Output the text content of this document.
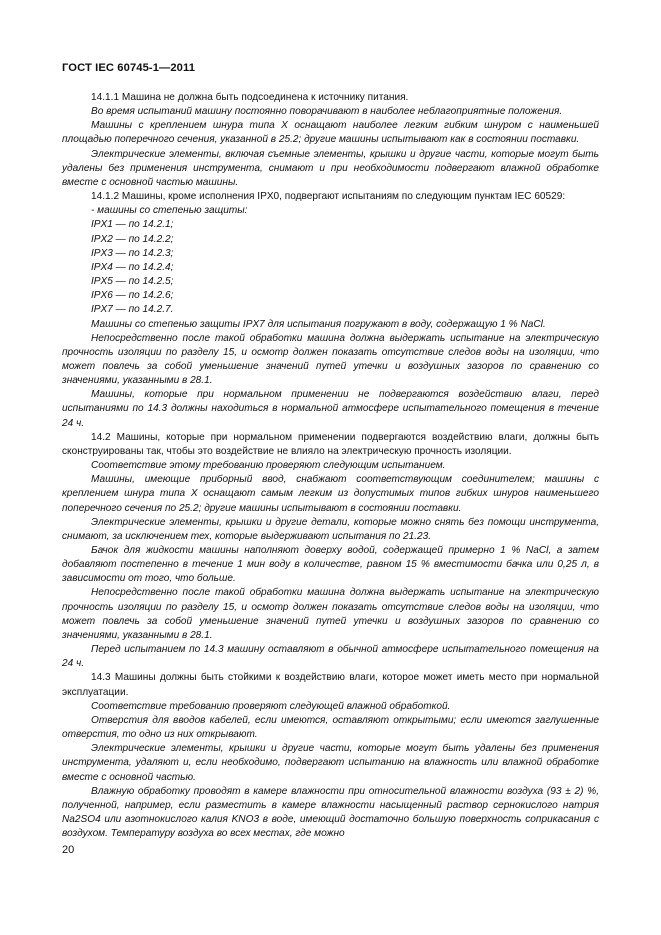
ГОСТ IEC 60745-1—2011

14.1.1 Машина не должна быть подсоединена к источнику питания.

Во время испытаний машину постоянно поворачивают в наиболее неблагоприятные положения.

Машины с креплением шнура типа X оснащают наиболее легким гибким шнуром с наименьшей площадью поперечного сечения, указанной в 25.2; другие машины испытывают как в состоянии поставки.

Электрические элементы, включая съемные элементы, крышки и другие части, которые могут быть удалены без применения инструмента, снимают и при необходимости подвергают влажной обработке вместе с основной частью машины.

14.1.2 Машины, кроме исполнения IPX0, подвергают испытаниям по следующим пунктам IEC 60529:

- машины со степенью защиты:

IPX1 — по 14.2.1;

IPX2 — по 14.2.2;

IPX3 — по 14.2.3;

IPX4 — по 14.2.4;

IPX5 — по 14.2.5;

IPX6 — по 14.2.6;

IPX7 — по 14.2.7.

Машины со степенью защиты IPX7 для испытания погружают в воду, содержащую 1 % NaCl.

Непосредственно после такой обработки машина должна выдержать испытание на электрическую прочность изоляции по разделу 15, и осмотр должен показать отсутствие следов воды на изоляции, что может повлечь за собой уменьшение значений путей утечки и воздушных зазоров по сравнению со значениями, указанными в 28.1.

Машины, которые при нормальном применении не подвергаются воздействию влаги, перед испытаниями по 14.3 должны находиться в нормальной атмосфере испытательного помещения в течение 24 ч.

14.2 Машины, которые при нормальном применении подвергаются воздействию влаги, должны быть сконструированы так, чтобы это воздействие не влияло на электрическую прочность изоляции.

Соответствие этому требованию проверяют следующим испытанием.

Машины, имеющие приборный ввод, снабжают соответствующим соединителем; машины с креплением шнура типа X оснащают самым легким из допустимых типов гибких шнуров наименьшего поперечного сечения по 25.2; другие машины испытывают в состоянии поставки.

Электрические элементы, крышки и другие детали, которые можно снять без помощи инструмента, снимают, за исключением тех, которые выдерживают испытания по 21.23.

Бачок для жидкости машины наполняют доверху водой, содержащей примерно 1 % NaCl, а затем добавляют постепенно в течение 1 мин воду в количестве, равном 15 % вместимости бачка или 0,25 л, в зависимости от того, что больше.

Непосредственно после такой обработки машина должна выдержать испытание на электрическую прочность изоляции по разделу 15, и осмотр должен показать отсутствие следов воды на изоляции, что может повлечь за собой уменьшение значений путей утечки и воздушных зазоров по сравнению со значениями, указанными в 28.1.

Перед испытанием по 14.3 машину оставляют в обычной атмосфере испытательного помещения на 24 ч.

14.3 Машины должны быть стойкими к воздействию влаги, которое может иметь место при нормальной эксплуатации.

Соответствие требованию проверяют следующей влажной обработкой.

Отверстия для вводов кабелей, если имеются, оставляют открытыми; если имеются заглушенные отверстия, то одно из них открывают.

Электрические элементы, крышки и другие части, которые могут быть удалены без применения инструмента, удаляют и, если необходимо, подвергают испытанию на влажность или влажной обработке вместе с основной частью.

Влажную обработку проводят в камере влажности при относительной влажности воздуха (93 ± 2) %, полученной, например, если разместить в камере влажности насыщенный раствор сернокислого натрия Na2SO4 или азотнокислого калия KNO3 в воде, имеющий достаточно большую поверхность соприкасания с воздухом. Температуру воздуха во всех местах, где можно

20
